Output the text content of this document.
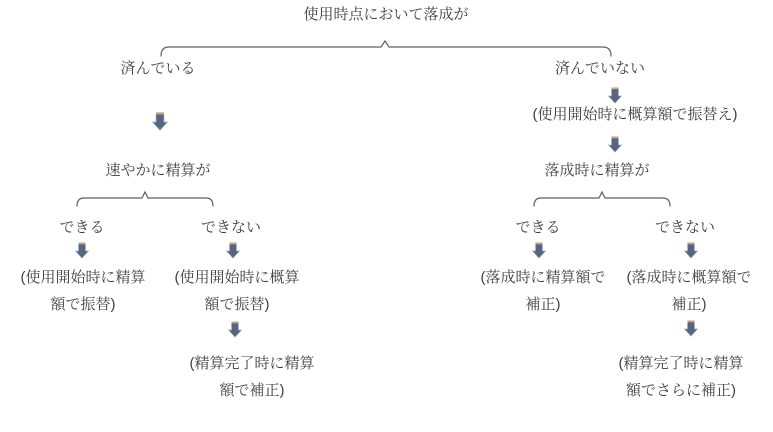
使用時点において落成が
済んでいる	済んでいない
速やかに精算が
できる	できない
(使用開始時に精算
額で振替)
(使用開始時に概算
額で振替)
(精算完了時に精算
額で補正)
(使用開始時に概算額で振替え)
落成時に精算が
できる	できない
(落成時に精算額で
補正)
(落成時に概算額で
補正)
(精算完了時に精算
額でさらに補正)
